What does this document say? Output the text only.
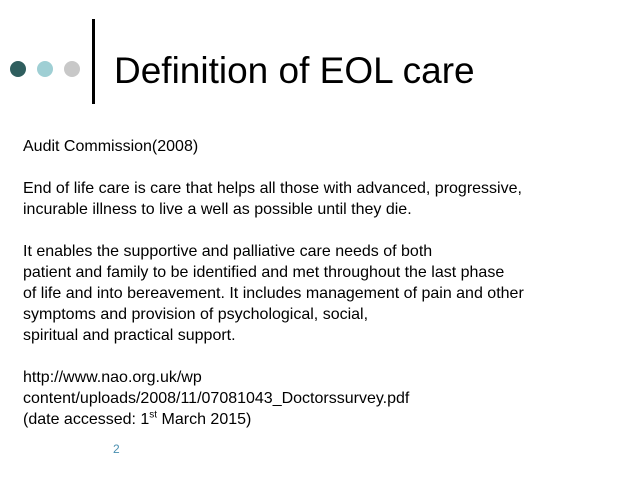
Definition of EOL care
Audit Commission(2008)
End of life care is care that helps all those with advanced, progressive,
incurable illness to live a well as possible until they die.
It enables the supportive and palliative care needs of both
patient and family to be identified and met throughout the last phase
of life and into bereavement. It includes management of pain and other
symptoms and provision of psychological, social,
spiritual and practical support.
http://www.nao.org.uk/wp
content/uploads/2008/11/07081043_Doctorssurvey.pdf
(date accessed: 1st March 2015)
2
